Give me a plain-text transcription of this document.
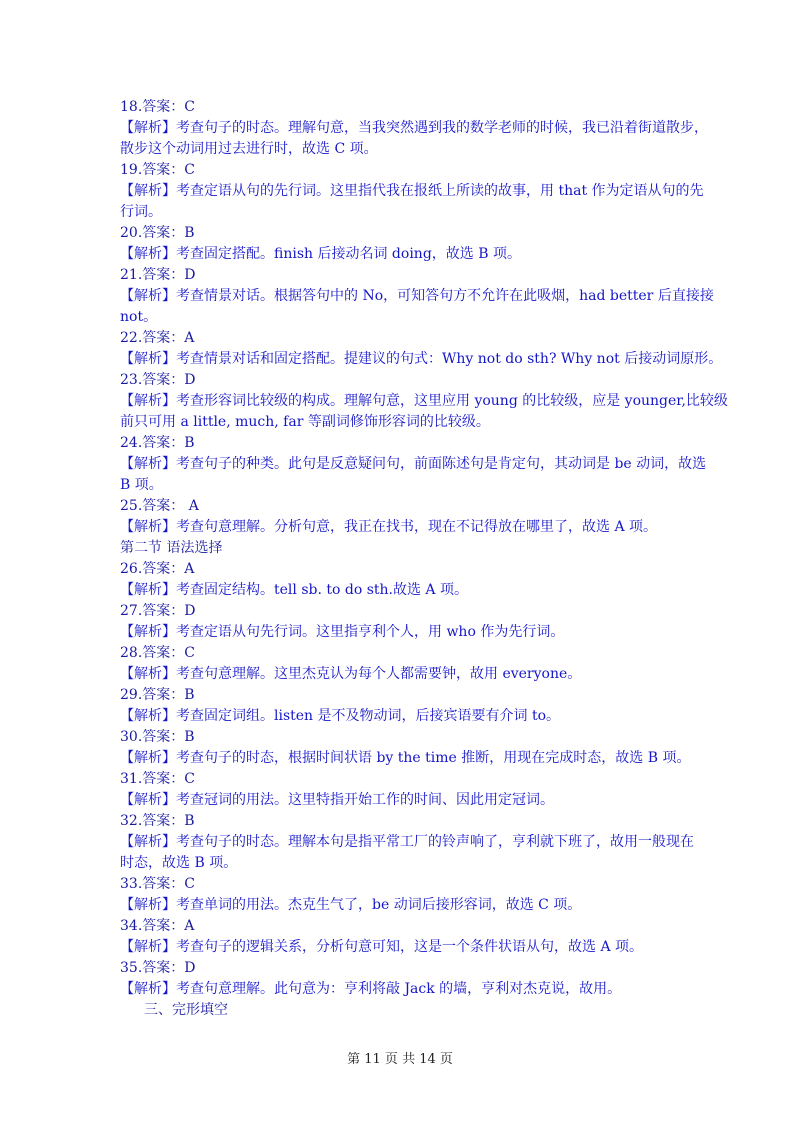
18.答案：C
【解析】考查句子的时态。理解句意，当我突然遇到我的数学老师的时候，我已沿着街道散步，
散步这个动词用过去进行时，故选 C 项。
19.答案：C
【解析】考查定语从句的先行词。这里指代我在报纸上所读的故事，用 that 作为定语从句的先
行词。
20.答案：B
【解析】考查固定搭配。finish 后接动名词 doing，故选 B 项。
21.答案：D
【解析】考查情景对话。根据答句中的 No，可知答句方不允许在此吸烟，had better 后直接接
not。
22.答案：A
【解析】考查情景对话和固定搭配。提建议的句式：Why not do sth? Why not 后接动词原形。
23.答案：D
【解析】考查形容词比较级的构成。理解句意，这里应用 young 的比较级，应是 younger,比较级
前只可用 a little, much, far 等副词修饰形容词的比较级。
24.答案：B
【解析】考查句子的种类。此句是反意疑问句，前面陈述句是肯定句，其动词是 be 动词，故选
B 项。
25.答案： A
【解析】考查句意理解。分析句意，我正在找书，现在不记得放在哪里了，故选 A 项。
第二节 语法选择
26.答案：A
【解析】考查固定结构。tell sb. to do sth.故选 A 项。
27.答案：D
【解析】考查定语从句先行词。这里指亨利个人，用 who 作为先行词。
28.答案：C
【解析】考查句意理解。这里杰克认为每个人都需要钟，故用 everyone。
29.答案：B
【解析】考查固定词组。listen 是不及物动词，后接宾语要有介词 to。
30.答案：B
【解析】考查句子的时态，根据时间状语 by the time 推断，用现在完成时态，故选 B 项。
31.答案：C
【解析】考查冠词的用法。这里特指开始工作的时间、因此用定冠词。
32.答案：B
【解析】考查句子的时态。理解本句是指平常工厂的铃声响了，亨利就下班了，故用一般现在
时态，故选 B 项。
33.答案：C
【解析】考查单词的用法。杰克生气了，be 动词后接形容词，故选 C 项。
34.答案：A
【解析】考查句子的逻辑关系，分析句意可知，这是一个条件状语从句，故选 A 项。
35.答案：D
【解析】考查句意理解。此句意为：亨利将敲 Jack 的墙，亨利对杰克说，故用。
三、完形填空
第 11 页 共 14 页
